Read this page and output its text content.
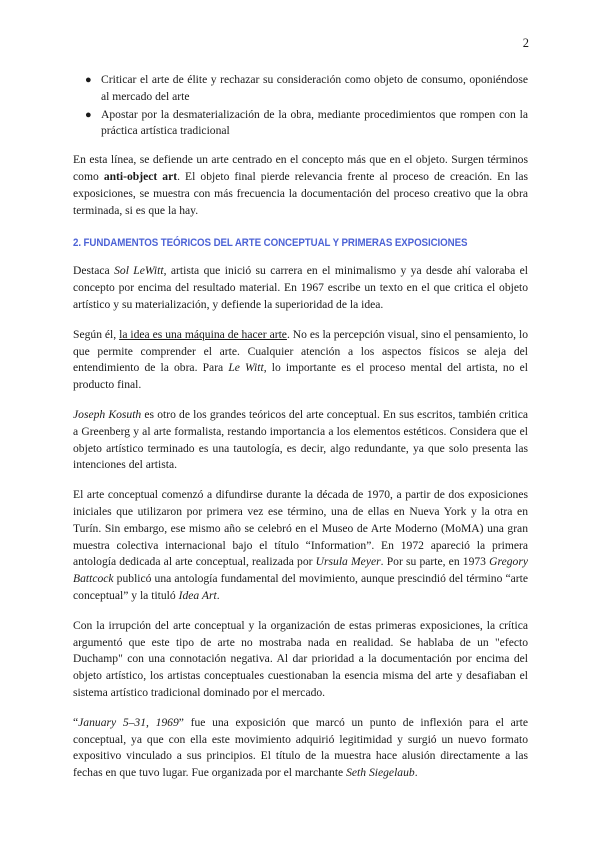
2
● Criticar el arte de élite y rechazar su consideración como objeto de consumo, oponiéndose al mercado del arte
● Apostar por la desmaterialización de la obra, mediante procedimientos que rompen con la práctica artística tradicional

En esta línea, se defiende un arte centrado en el concepto más que en el objeto. Surgen términos como anti-object art. El objeto final pierde relevancia frente al proceso de creación. En las exposiciones, se muestra con más frecuencia la documentación del proceso creativo que la obra terminada, si es que la hay.

2. FUNDAMENTOS TEÓRICOS DEL ARTE CONCEPTUAL Y PRIMERAS EXPOSICIONES

Destaca Sol LeWitt, artista que inició su carrera en el minimalismo y ya desde ahí valoraba el concepto por encima del resultado material. En 1967 escribe un texto en el que critica el objeto artístico y su materialización, y defiende la superioridad de la idea.

Según él, la idea es una máquina de hacer arte. No es la percepción visual, sino el pensamiento, lo que permite comprender el arte. Cualquier atención a los aspectos físicos se aleja del entendimiento de la obra. Para Le Witt, lo importante es el proceso mental del artista, no el producto final.

Joseph Kosuth es otro de los grandes teóricos del arte conceptual. En sus escritos, también critica a Greenberg y al arte formalista, restando importancia a los elementos estéticos. Considera que el objeto artístico terminado es una tautología, es decir, algo redundante, ya que solo presenta las intenciones del artista.

El arte conceptual comenzó a difundirse durante la década de 1970, a partir de dos exposiciones iniciales que utilizaron por primera vez ese término, una de ellas en Nueva York y la otra en Turín. Sin embargo, ese mismo año se celebró en el Museo de Arte Moderno (MoMA) una gran muestra colectiva internacional bajo el título “Information”. En 1972 apareció la primera antología dedicada al arte conceptual, realizada por Ursula Meyer. Por su parte, en 1973 Gregory Battcock publicó una antología fundamental del movimiento, aunque prescindió del término “arte conceptual” y la tituló Idea Art.

Con la irrupción del arte conceptual y la organización de estas primeras exposiciones, la crítica argumentó que este tipo de arte no mostraba nada en realidad. Se hablaba de un "efecto Duchamp" con una connotación negativa. Al dar prioridad a la documentación por encima del objeto artístico, los artistas conceptuales cuestionaban la esencia misma del arte y desafiaban el sistema artístico tradicional dominado por el mercado.

“January 5–31, 1969” fue una exposición que marcó un punto de inflexión para el arte conceptual, ya que con ella este movimiento adquirió legitimidad y surgió un nuevo formato expositivo vinculado a sus principios. El título de la muestra hace alusión directamente a las fechas en que tuvo lugar. Fue organizada por el marchante Seth Siegelaub.
